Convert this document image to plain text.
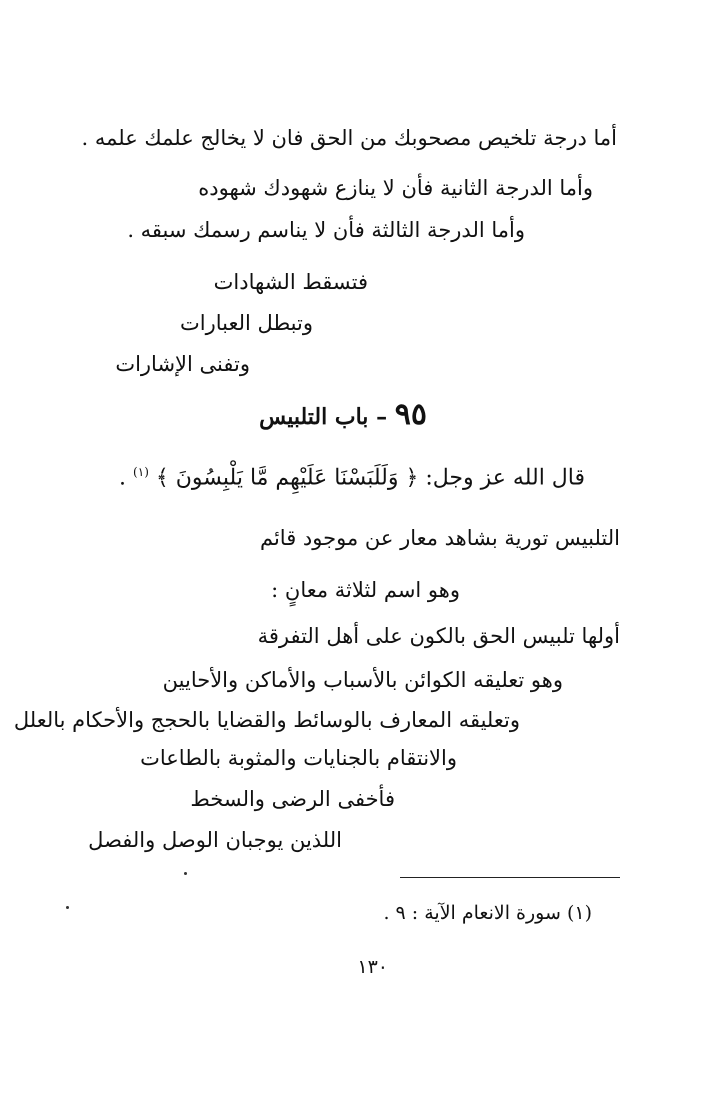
أما درجة تلخيص مصحوبك من الحق فان لا يخالج علمك علمه .
وأما الدرجة الثانية فأن لا ينازع شهودك شهوده
وأما الدرجة الثالثة فأن لا يناسم رسمك سبقه .
فتسقط الشهادات
وتبطل العبارات
وتفنى الإشارات
٩٥ – باب التلبيس
قال الله عز وجل: ﴿ وَلَلَبَسْنَا عَلَيْهِم مَّا يَلْبِسُونَ ﴾ $^{(١)}$ .
التلبيس تورية بشاهد معار عن موجود قائم
وهو اسم لثلاثة معانٍ :
أولها تلبيس الحق بالكون على أهل التفرقة
وهو تعليقه الكوائن بالأسباب والأماكن والأحايين
وتعليقه المعارف بالوسائط والقضايا بالحجج والأحكام بالعلل
والانتقام بالجنايات والمثوبة بالطاعات
فأخفى الرضى والسخط
اللذين يوجبان الوصل والفصل
(١) سورة الانعام الآية : ٩ .
١٣٠
